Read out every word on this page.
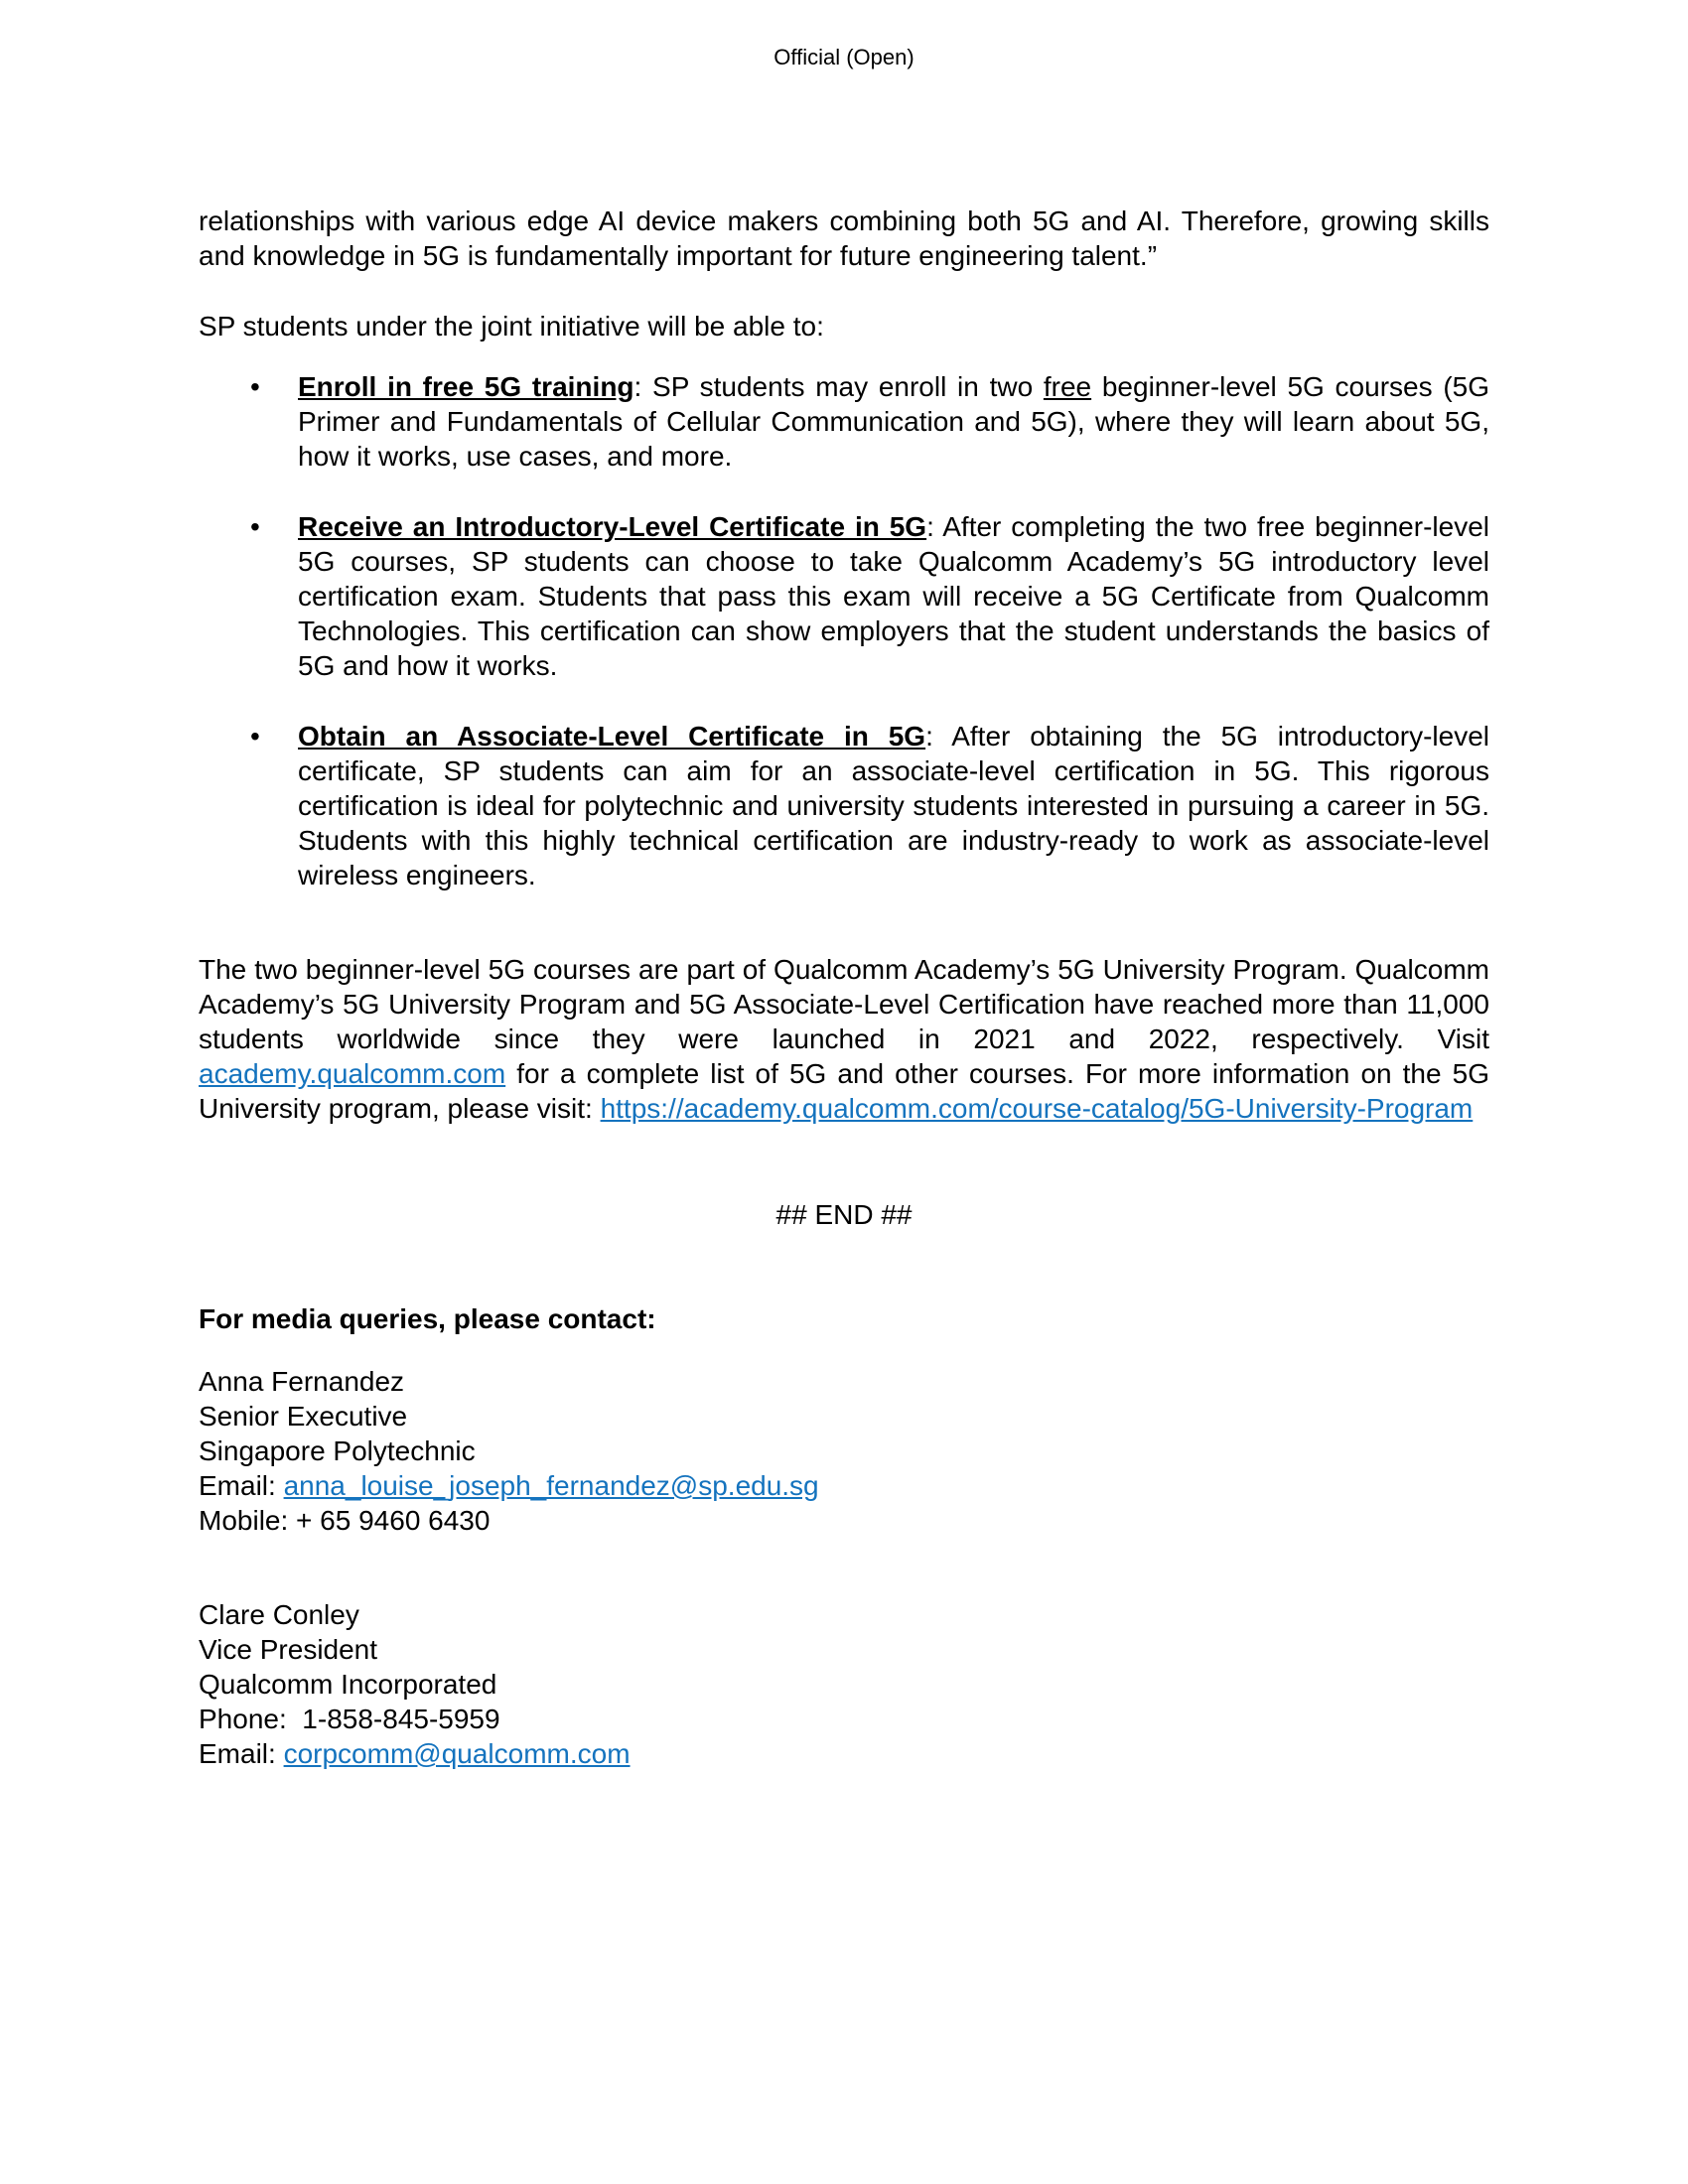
Official (Open)

relationships with various edge AI device makers combining both 5G and AI. Therefore, growing skills and knowledge in 5G is fundamentally important for future engineering talent.”

SP students under the joint initiative will be able to:

•	Enroll in free 5G training: SP students may enroll in two free beginner-level 5G courses (5G Primer and Fundamentals of Cellular Communication and 5G), where they will learn about 5G, how it works, use cases, and more.
•	Receive an Introductory-Level Certificate in 5G: After completing the two free beginner-level 5G courses, SP students can choose to take Qualcomm Academy’s 5G introductory level certification exam. Students that pass this exam will receive a 5G Certificate from Qualcomm Technologies. This certification can show employers that the student understands the basics of 5G and how it works.
•	Obtain an Associate-Level Certificate in 5G: After obtaining the 5G introductory-level certificate, SP students can aim for an associate-level certification in 5G. This rigorous certification is ideal for polytechnic and university students interested in pursuing a career in 5G. Students with this highly technical certification are industry-ready to work as associate-level wireless engineers.

The two beginner-level 5G courses are part of Qualcomm Academy’s 5G University Program. Qualcomm Academy’s 5G University Program and 5G Associate-Level Certification have reached more than 11,000 students worldwide since they were launched in 2021 and 2022, respectively. Visit academy.qualcomm.com for a complete list of 5G and other courses. For more information on the 5G University program, please visit: https://academy.qualcomm.com/course-catalog/5G-University-Program

## END ##

For media queries, please contact:

Anna Fernandez
Senior Executive
Singapore Polytechnic
Email: anna_louise_joseph_fernandez@sp.edu.sg
Mobile: + 65 9460 6430
Clare Conley
Vice President
Qualcomm Incorporated
Phone:  1-858-845-5959
Email: corpcomm@qualcomm.com
